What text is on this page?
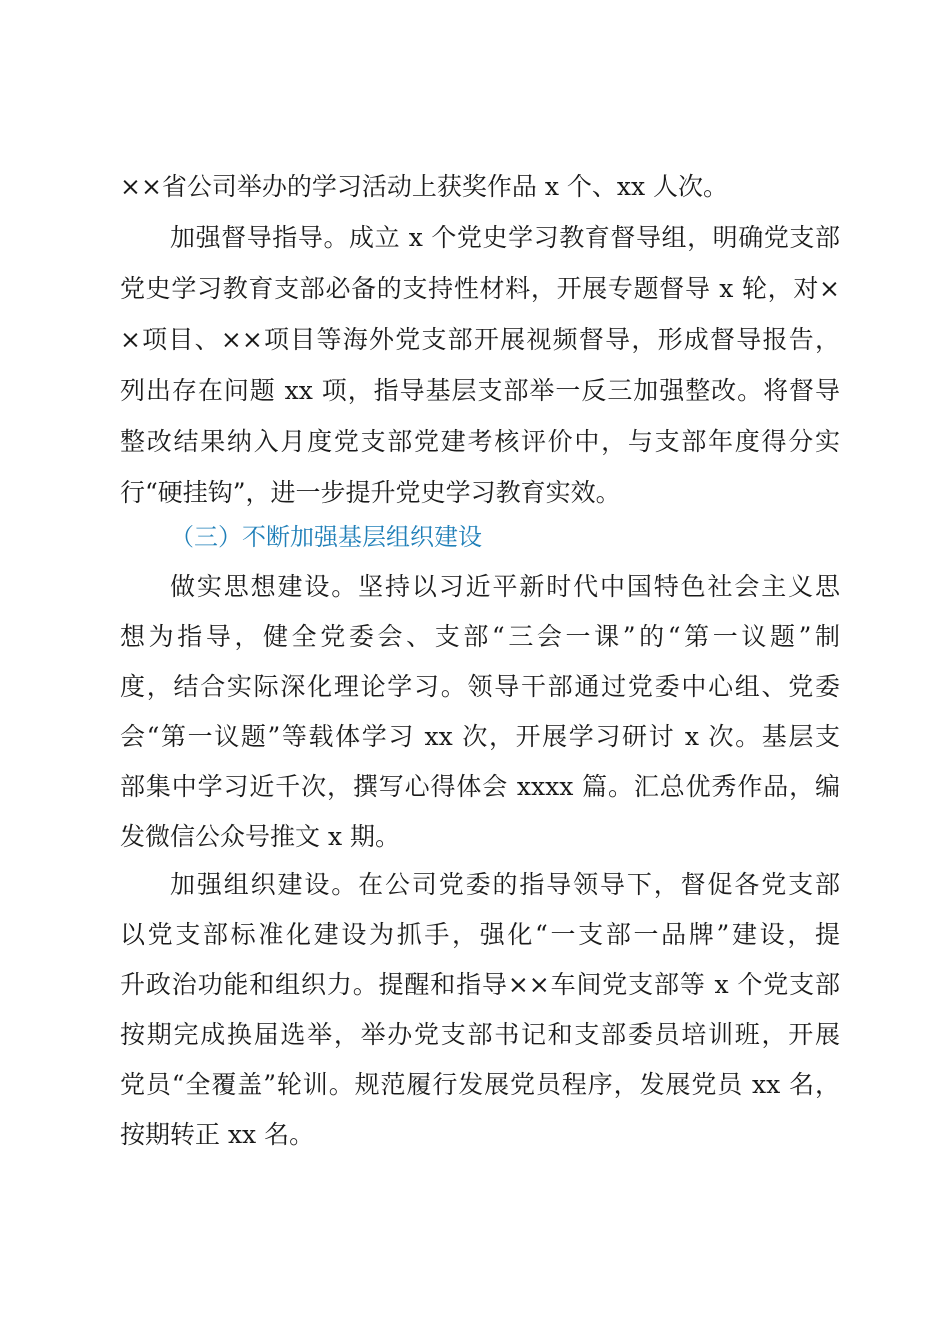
××省公司举办的学习活动上获奖作品 x 个、xx 人次。
加强督导指导。成立 x 个党史学习教育督导组，明确党支部
党史学习教育支部必备的支持性材料，开展专题督导 x 轮，对×
×项目、××项目等海外党支部开展视频督导，形成督导报告，
列出存在问题 xx 项，指导基层支部举一反三加强整改。将督导
整改结果纳入月度党支部党建考核评价中，与支部年度得分实
行“硬挂钩”，进一步提升党史学习教育实效。
（三）不断加强基层组织建设
做实思想建设。坚持以习近平新时代中国特色社会主义思
想为指导，健全党委会、支部“三会一课”的“第一议题”制
度，结合实际深化理论学习。领导干部通过党委中心组、党委
会“第一议题”等载体学习 xx 次，开展学习研讨 x 次。基层支
部集中学习近千次，撰写心得体会 xxxx 篇。汇总优秀作品，编
发微信公众号推文 x 期。
加强组织建设。在公司党委的指导领导下，督促各党支部
以党支部标准化建设为抓手，强化“一支部一品牌”建设，提
升政治功能和组织力。提醒和指导××车间党支部等 x 个党支部
按期完成换届选举，举办党支部书记和支部委员培训班，开展
党员“全覆盖”轮训。规范履行发展党员程序，发展党员 xx 名，
按期转正 xx 名。
